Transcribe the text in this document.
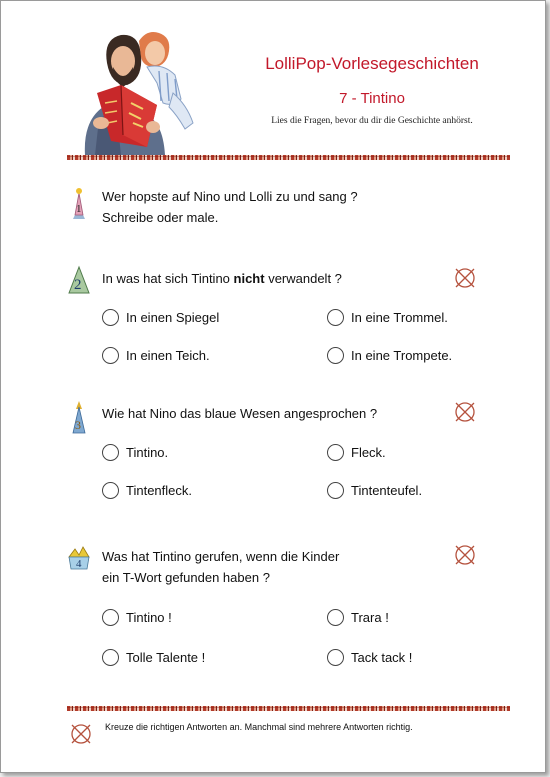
LolliPop-Vorlesegeschichten
7 - Tintino
Lies die Fragen, bevor du dir die Geschichte anhörst.
1
Wer hopste auf Nino und Lolli zu und sang ?
Schreibe oder male.
2 In was hat sich Tintino nicht verwandelt ?
In einen Spiegel	In eine Trommel.
In einen Teich.	In eine Trompete.
3
Wie hat Nino das blaue Wesen angesprochen ?
Tintino.	Fleck.
Tintenfleck.	Tintenteufel.
4 Was hat Tintino gerufen, wenn die Kinder
ein T-Wort gefunden haben ?
Tintino !	Trara !
Tolle Talente !	Tack tack !
Kreuze die richtigen Antworten an. Manchmal sind mehrere Antworten richtig.
